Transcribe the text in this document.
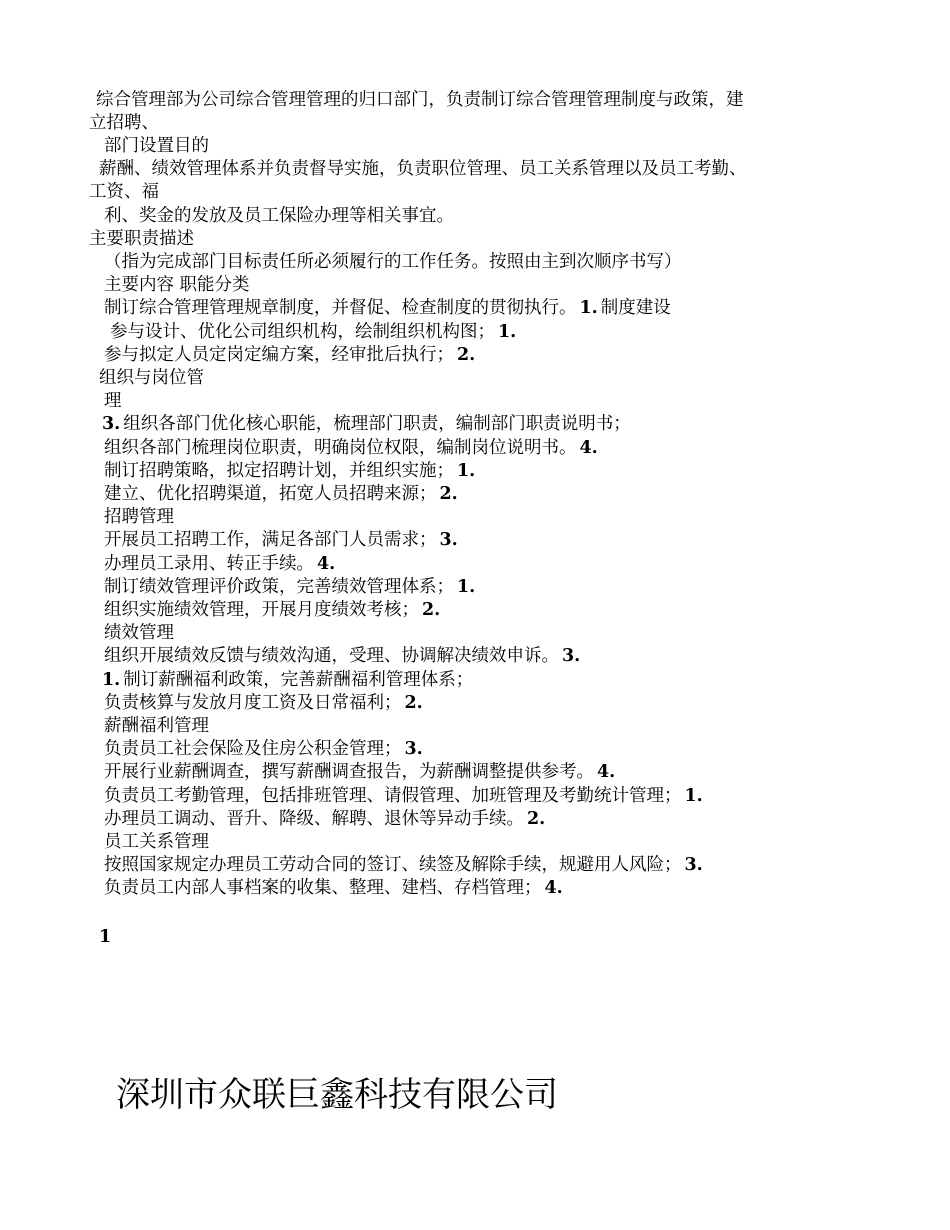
综合管理部为公司综合管理管理的归口部门，负责制订综合管理管理制度与政策，建
立招聘、
部门设置目的
薪酬、绩效管理体系并负责督导实施，负责职位管理、员工关系管理以及员工考勤、
工资、福
利、奖金的发放及员工保险办理等相关事宜。
主要职责描述
（指为完成部门目标责任所必须履行的工作任务。按照由主到次顺序书写）
主要内容 职能分类
制订综合管理管理规章制度，并督促、检查制度的贯彻执行。 1. 制度建设
参与设计、优化公司组织机构，绘制组织机构图； 1.
参与拟定人员定岗定编方案，经审批后执行； 2.
组织与岗位管
理
3. 组织各部门优化核心职能，梳理部门职责，编制部门职责说明书；
组织各部门梳理岗位职责，明确岗位权限，编制岗位说明书。 4.
制订招聘策略，拟定招聘计划，并组织实施； 1.
建立、优化招聘渠道，拓宽人员招聘来源； 2.
招聘管理
开展员工招聘工作，满足各部门人员需求； 3.
办理员工录用、转正手续。 4.
制订绩效管理评价政策，完善绩效管理体系； 1.
组织实施绩效管理，开展月度绩效考核； 2.
绩效管理
组织开展绩效反馈与绩效沟通，受理、协调解决绩效申诉。 3.
1. 制订薪酬福利政策，完善薪酬福利管理体系；
负责核算与发放月度工资及日常福利； 2.
薪酬福利管理
负责员工社会保险及住房公积金管理； 3.
开展行业薪酬调查，撰写薪酬调查报告，为薪酬调整提供参考。 4.
负责员工考勤管理，包括排班管理、请假管理、加班管理及考勤统计管理； 1.
办理员工调动、晋升、降级、解聘、退休等异动手续。 2.
员工关系管理
按照国家规定办理员工劳动合同的签订、续签及解除手续，规避用人风险； 3.
负责员工内部人事档案的收集、整理、建档、存档管理； 4.
1
深圳市众联巨鑫科技有限公司
